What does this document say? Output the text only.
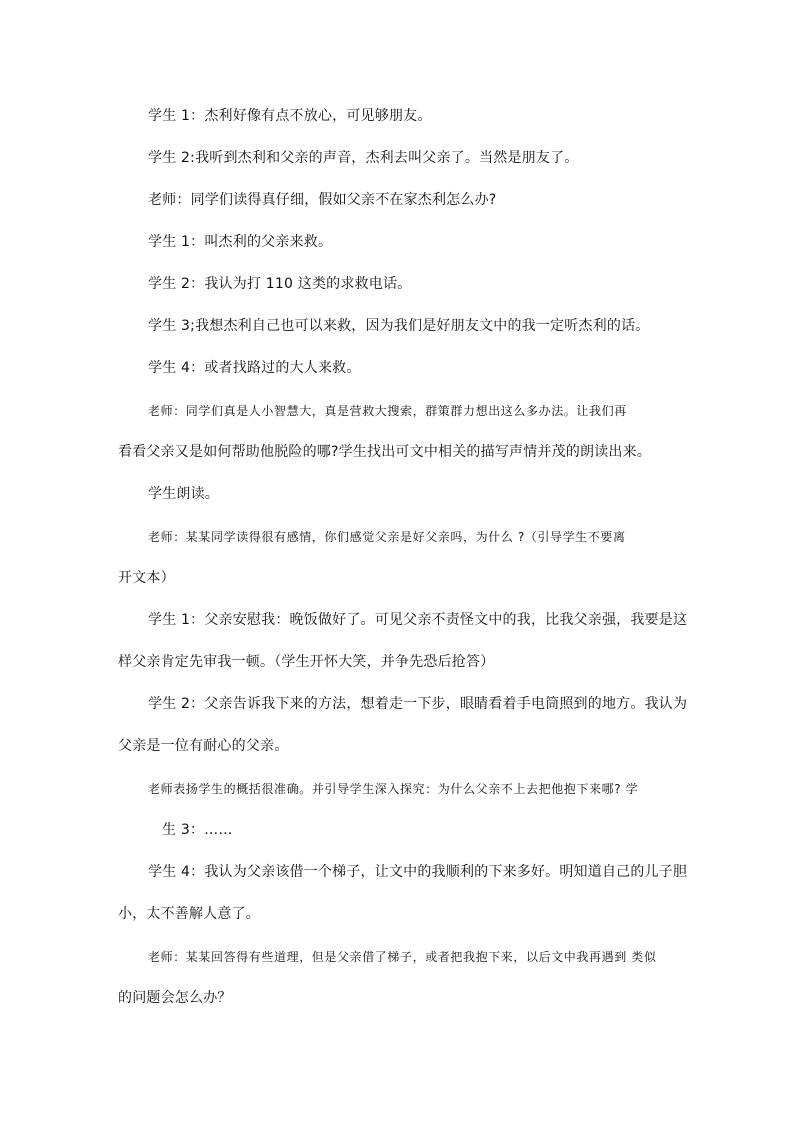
学生 1：杰利好像有点不放心，可见够朋友。
学生 2:我听到杰利和父亲的声音，杰利去叫父亲了。当然是朋友了。
老师：同学们读得真仔细，假如父亲不在家杰利怎么办?
学生 1：叫杰利的父亲来救。
学生 2：我认为打 110 这类的求救电话。
学生 3;我想杰利自己也可以来救，因为我们是好朋友文中的我一定听杰利的话。
学生 4：或者找路过的大人来救。
老师：同学们真是人小智慧大，真是营救大搜索，群策群力想出这么多办法。让我们再
看看父亲又是如何帮助他脱险的哪?学生找出可文中相关的描写声情并茂的朗读出来。
学生朗读。
老师：某某同学读得很有感情，你们感觉父亲是好父亲吗，为什么 ?（引导学生不要离
开文本）
学生 1：父亲安慰我：晚饭做好了。可见父亲不责怪文中的我，比我父亲强，我要是这
样父亲肯定先审我一顿。（学生开怀大笑，并争先恐后抢答）
学生 2：父亲告诉我下来的方法，想着走一下步，眼睛看着手电筒照到的地方。我认为
父亲是一位有耐心的父亲。
老师表扬学生的概括很准确。并引导学生深入探究：为什么父亲不上去把他抱下来哪? 学
生 3：……
学生 4：我认为父亲该借一个梯子，让文中的我顺利的下来多好。明知道自己的儿子胆
小，太不善解人意了。
老师：某某回答得有些道理，但是父亲借了梯子，或者把我抱下来，以后文中我再遇到 类似
的问题会怎么办？
